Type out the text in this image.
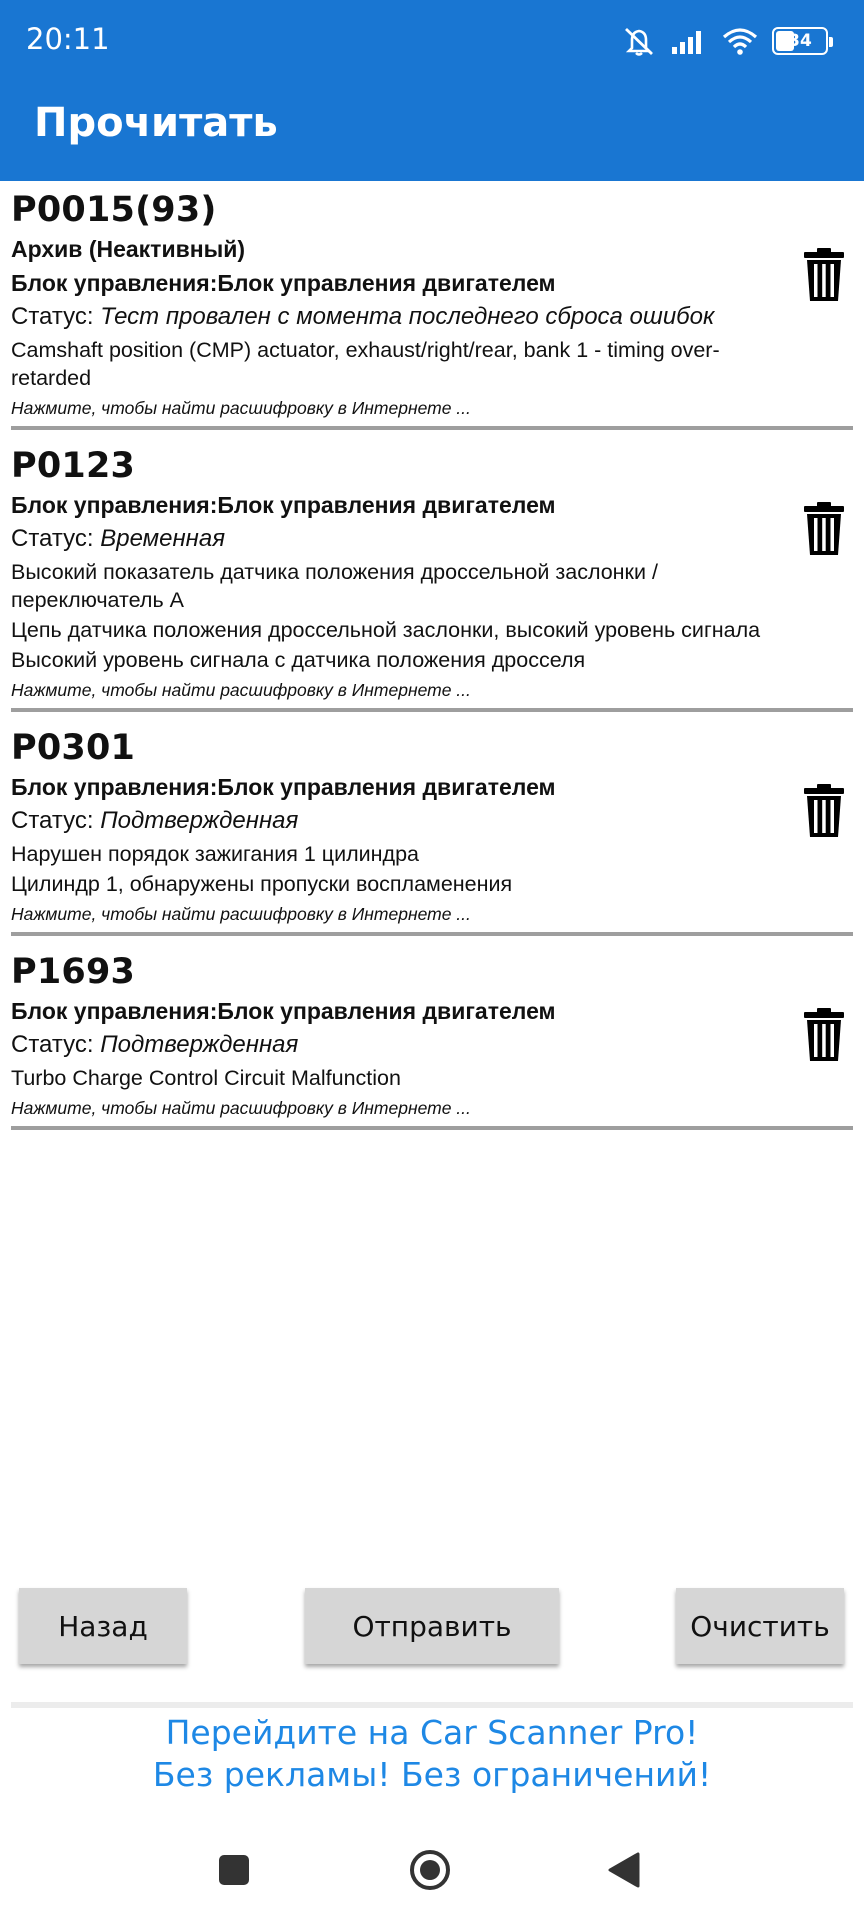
20:11	34
Прочитать
P0015(93)
Архив (Неактивный)
Блок управления:Блок управления двигателем
Статус: Тест провален с момента последнего сброса ошибок
Camshaft position (CMP) actuator, exhaust/right/rear, bank 1 - timing over-retarded
Нажмите, чтобы найти расшифровку в Интернете ...
P0123
Блок управления:Блок управления двигателем
Статус: Временная
Высокий показатель датчика положения дроссельной заслонки / переключатель A
Цепь датчика положения дроссельной заслонки, высокий уровень сигнала
Высокий уровень сигнала с датчика положения дросселя
Нажмите, чтобы найти расшифровку в Интернете ...
P0301
Блок управления:Блок управления двигателем
Статус: Подтвержденная
Нарушен порядок зажигания 1 цилиндра
Цилиндр 1, обнаружены пропуски воспламенения
Нажмите, чтобы найти расшифровку в Интернете ...
P1693
Блок управления:Блок управления двигателем
Статус: Подтвержденная
Turbo Charge Control Circuit Malfunction
Нажмите, чтобы найти расшифровку в Интернете ...
Назад	Отправить	Очистить
Перейдите на Car Scanner Pro!
Без рекламы! Без ограничений!
